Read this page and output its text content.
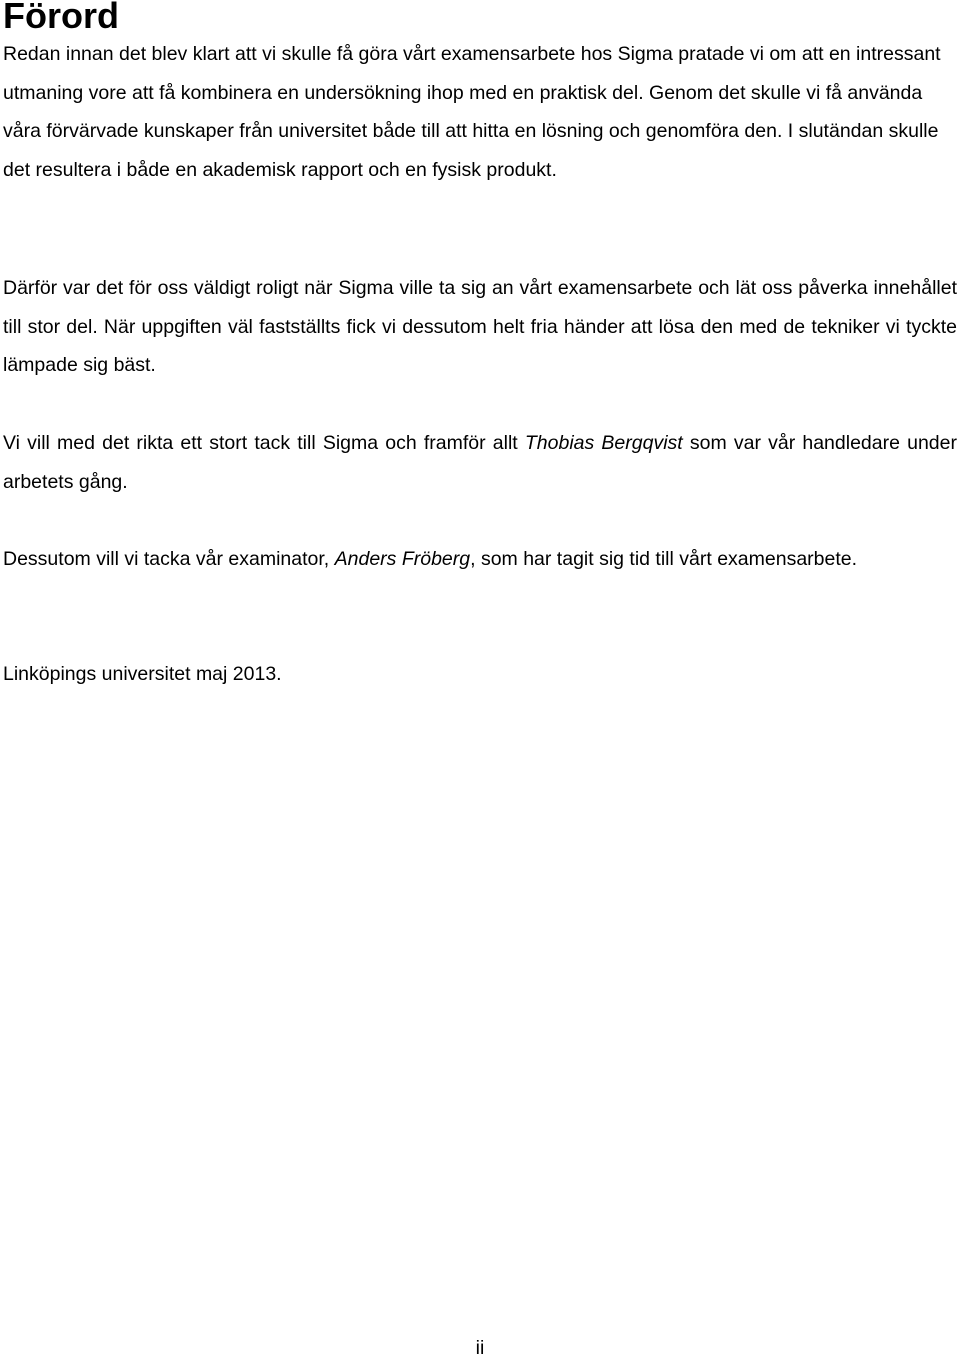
Förord

Redan innan det blev klart att vi skulle få göra vårt examensarbete hos Sigma pratade vi om att en intressant utmaning vore att få kombinera en undersökning ihop med en praktisk del. Genom det skulle vi få använda våra förvärvade kunskaper från universitet både till att hitta en lösning och genomföra den. I slutändan skulle det resultera i både en akademisk rapport och en fysisk produkt.

Därför var det för oss väldigt roligt när Sigma ville ta sig an vårt examensarbete och lät oss påverka innehållet till stor del. När uppgiften väl fastställts fick vi dessutom helt fria händer att lösa den med de tekniker vi tyckte lämpade sig bäst.

Vi vill med det rikta ett stort tack till Sigma och framför allt Thobias Bergqvist som var vår handledare under arbetets gång.

Dessutom vill vi tacka vår examinator, Anders Fröberg, som har tagit sig tid till vårt examensarbete.

Linköpings universitet maj 2013.

ii
